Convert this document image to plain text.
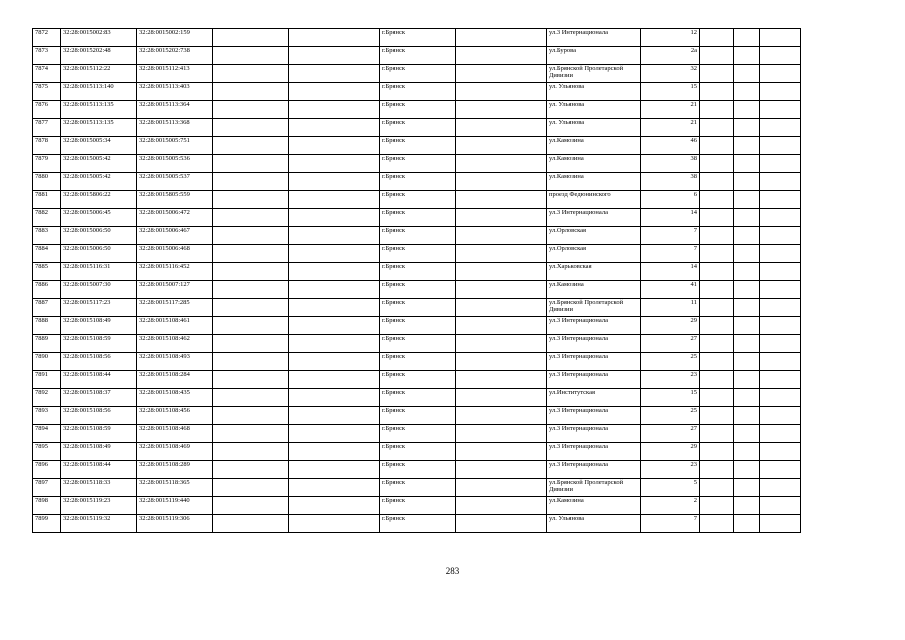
7872	32:28:0015002:83	32:28:0015002:159			г.Брянск		ул.3 Интернационала	12			
7873	32:28:0015202:48	32:28:0015202:738			г.Брянск		ул.Бурова	2а			
7874	32:28:0015112:22	32:28:0015112:413			г.Брянск		ул.Брянской Пролетарской Дивизии	32			
7875	32:28:0015113:140	32:28:0015113:403			г.Брянск		ул. Ульянова	15			
7876	32:28:0015113:135	32:28:0015113:364			г.Брянск		ул. Ульянова	21			
7877	32:28:0015113:135	32:28:0015113:368			г.Брянск		ул. Ульянова	21			
7878	32:28:0015005:34	32:28:0015005:751			г.Брянск		ул.Камозина	46			
7879	32:28:0015005:42	32:28:0015005:536			г.Брянск		ул.Камозина	38			
7880	32:28:0015005:42	32:28:0015005:537			г.Брянск		ул.Камозина	38			
7881	32:28:0015806:22	32:28:0015805:559			г.Брянск		проезд Федюнинского	6			
7882	32:28:0015006:45	32:28:0015006:472			г.Брянск		ул.3 Интернационала	14			
7883	32:28:0015006:50	32:28:0015006:467			г.Брянск		ул.Орловская	7			
7884	32:28:0015006:50	32:28:0015006:468			г.Брянск		ул.Орловская	7			
7885	32:28:0015116:31	32:28:0015116:452			г.Брянск		ул.Харьковская	14			
7886	32:28:0015007:30	32:28:0015007:127			г.Брянск		ул.Камозина	41			
7887	32:28:0015117:23	32:28:0015117:285			г.Брянск		ул.Брянской Пролетарской Дивизии	11			
7888	32:28:0015108:49	32:28:0015108:461			г.Брянск		ул.3 Интернационала	29			
7889	32:28:0015108:59	32:28:0015108:462			г.Брянск		ул.3 Интернационала	27			
7890	32:28:0015108:56	32:28:0015108:493			г.Брянск		ул.3 Интернационала	25			
7891	32:28:0015108:44	32:28:0015108:284			г.Брянск		ул.3 Интернационала	23			
7892	32:28:0015108:37	32:28:0015108:435			г.Брянск		ул.Институтская	15			
7893	32:28:0015108:56	32:28:0015108:456			г.Брянск		ул.3 Интернационала	25			
7894	32:28:0015108:59	32:28:0015108:468			г.Брянск		ул.3 Интернационала	27			
7895	32:28:0015108:49	32:28:0015108:469			г.Брянск		ул.3 Интернационала	29			
7896	32:28:0015108:44	32:28:0015108:289			г.Брянск		ул.3 Интернационала	23			
7897	32:28:0015118:33	32:28:0015118:365			г.Брянск		ул.Брянской Пролетарской Дивизии	5			
7898	32:28:0015119:23	32:28:0015119:440			г.Брянск		ул.Камозина	2			
7899	32:28:0015119:32	32:28:0015119:306			г.Брянск		ул. Ульянова	7			
283
